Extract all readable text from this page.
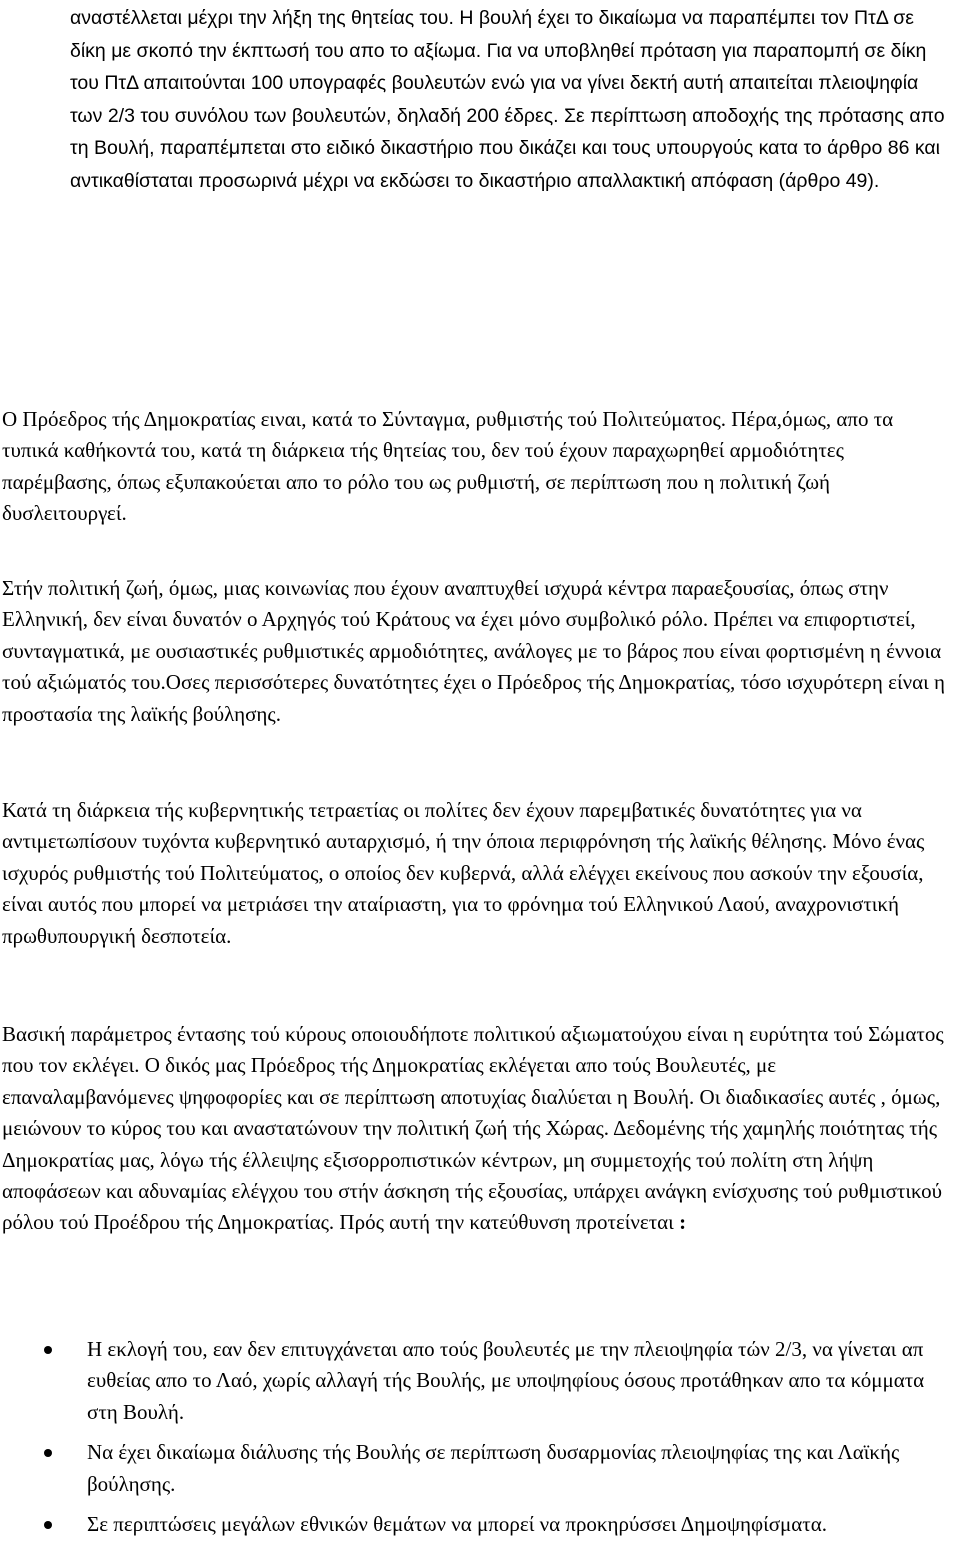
αναστέλλεται μέχρι την λήξη της θητείας του. Η βουλή έχει το δικαίωμα να παραπέμπει τον ΠτΔ σε δίκη με σκοπό την έκπτωσή του απο το αξίωμα. Για να υποβληθεί πρόταση για παραπομπή σε δίκη του ΠτΔ απαιτούνται 100 υπογραφές βουλευτών ενώ για να γίνει δεκτή αυτή απαιτείται πλειοψηφία των 2/3 του συνόλου των βουλευτών, δηλαδή 200 έδρες. Σε περίπτωση αποδοχής της πρότασης απο τη Βουλή, παραπέμπεται στο ειδικό δικαστήριο που δικάζει και τους υπουργούς κατα το άρθρο 86 και αντικαθίσταται προσωρινά μέχρι να εκδώσει το δικαστήριο απαλλακτική απόφαση (άρθρο 49).

Ο Πρόεδρος τής Δημοκρατίας ειναι, κατά το Σύνταγμα, ρυθμιστής τού Πολιτεύματος. Πέρα,όμως, απο τα τυπικά καθήκοντά του, κατά τη διάρκεια τής θητείας του, δεν τού έχουν παραχωρηθεί αρμοδιότητες παρέμβασης, όπως εξυπακούεται απο το ρόλο του ως ρυθμιστή, σε περίπτωση που η πολιτική ζωή δυσλειτουργεί.

Στήν πολιτική ζωή, όμως, μιας κοινωνίας που έχουν αναπτυχθεί ισχυρά κέντρα παραεξουσίας, όπως στην Ελληνική, δεν είναι δυνατόν ο Αρχηγός τού Κράτους να έχει μόνο συμβολικό ρόλο. Πρέπει να επιφορτιστεί, συνταγματικά, με ουσιαστικές ρυθμιστικές αρμοδιότητες, ανάλογες με το βάρος που είναι φορτισμένη η έννοια τού αξιώματός του.Οσες περισσότερες δυνατότητες έχει ο Πρόεδρος τής Δημοκρατίας, τόσο ισχυρότερη είναι η προστασία της λαϊκής βούλησης.

Κατά τη διάρκεια τής κυβερνητικής τετραετίας οι πολίτες δεν έχουν παρεμβατικές δυνατότητες για να αντιμετωπίσουν τυχόντα κυβερνητικό αυταρχισμό, ή την όποια περιφρόνηση τής λαϊκής θέλησης. Μόνο ένας ισχυρός ρυθμιστής τού Πολιτεύματος, ο οποίος δεν κυβερνά, αλλά ελέγχει εκείνους που ασκούν την εξουσία, είναι αυτός που μπορεί να μετριάσει την αταίριαστη, για το φρόνημα τού Ελληνικού Λαού, αναχρονιστική πρωθυπουργική δεσποτεία.

Βασική παράμετρος έντασης τού κύρους οποιουδήποτε πολιτικού αξιωματούχου είναι η ευρύτητα τού Σώματος που τον εκλέγει. Ο δικός μας Πρόεδρος τής Δημοκρατίας εκλέγεται απο τούς Βουλευτές, με επαναλαμβανόμενες ψηφοφορίες και σε περίπτωση αποτυχίας διαλύεται η Βουλή. Οι διαδικασίες αυτές , όμως, μειώνουν το κύρος του και αναστατώνουν την πολιτική ζωή τής Χώρας. Δεδομένης τής χαμηλής ποιότητας τής Δημοκρατίας μας, λόγω τής έλλειψης εξισορροπιστικών κέντρων, μη συμμετοχής τού πολίτη στη λήψη αποφάσεων και αδυναμίας ελέγχου του στήν άσκηση τής εξουσίας, υπάρχει ανάγκη ενίσχυσης τού ρυθμιστικού ρόλου τού Προέδρου τής Δημοκρατίας. Πρός αυτή την κατεύθυνση προτείνεται :

Η εκλογή του, εαν δεν επιτυγχάνεται απο τούς βουλευτές με την πλειοψηφία τών 2/3, να γίνεται απ ευθείας απο το Λαό, χωρίς αλλαγή τής Βουλής, με υποψηφίους όσους προτάθηκαν απο τα κόμματα στη Βουλή.
Να έχει δικαίωμα διάλυσης τής Βουλής σε περίπτωση δυσαρμονίας πλειοψηφίας της και Λαϊκής βούλησης.
Σε περιπτώσεις μεγάλων εθνικών θεμάτων να μπορεί να προκηρύσσει Δημοψηφίσματα.
